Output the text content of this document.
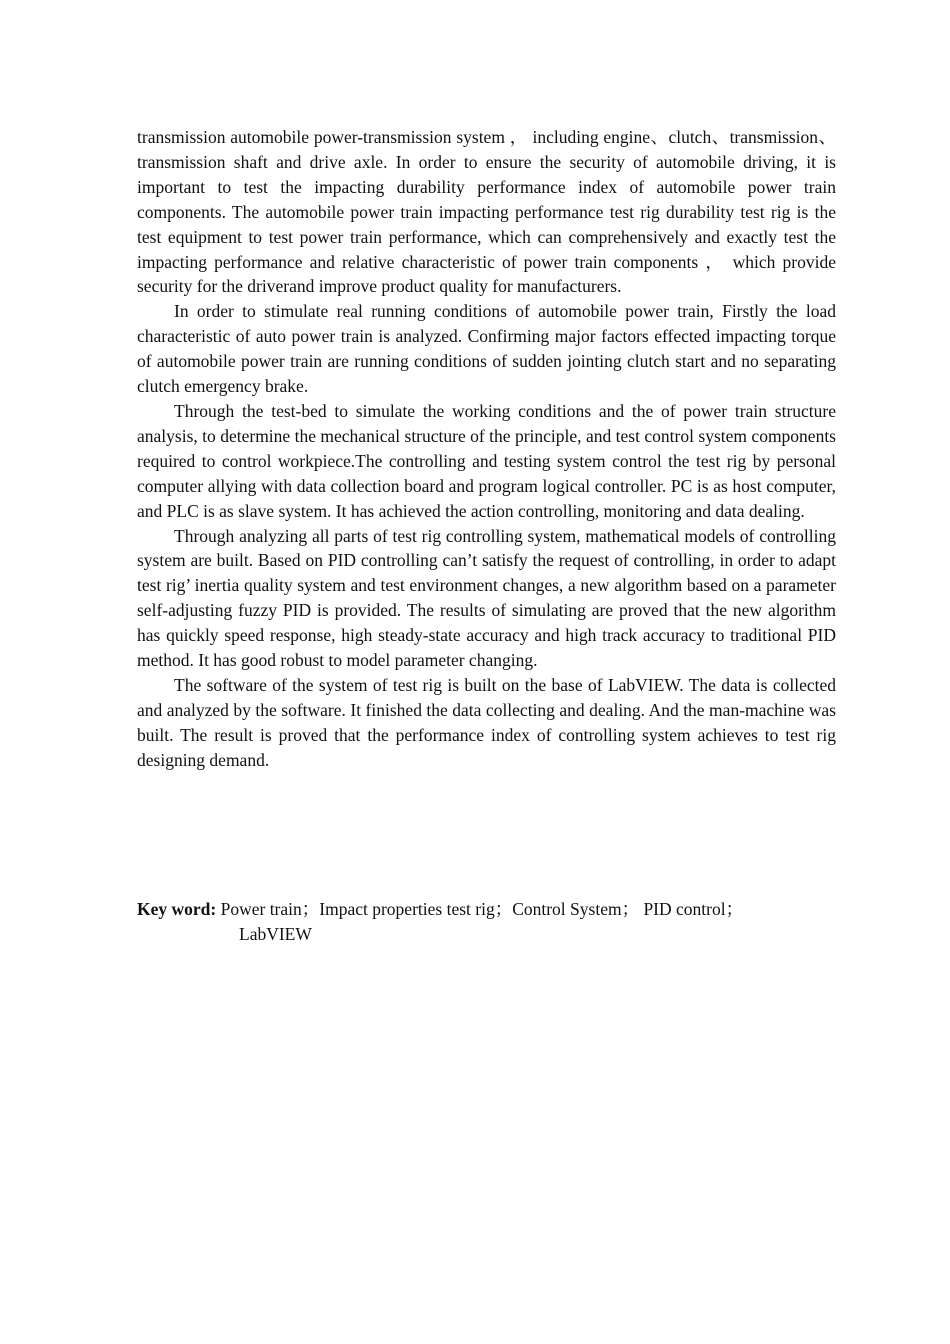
transmission automobile power-transmission system ， including engine、clutch、transmission、transmission shaft and drive axle. In order to ensure the security of automobile driving, it is important to test the impacting durability performance index of automobile power train components. The automobile power train impacting performance test rig durability test rig is the test equipment to test power train performance, which can comprehensively and exactly test the impacting performance and relative characteristic of power train components ， which provide security for the driverand improve product quality for manufacturers.

In order to stimulate real running conditions of automobile power train, Firstly the load characteristic of auto power train is analyzed. Confirming major factors effected impacting torque of automobile power train are running conditions of sudden jointing clutch start and no separating clutch emergency brake.

Through the test-bed to simulate the working conditions and the of power train structure analysis, to determine the mechanical structure of the principle, and test control system components required to control workpiece.The controlling and testing system control the test rig by personal computer allying with data collection board and program logical controller. PC is as host computer, and PLC is as slave system. It has achieved the action controlling, monitoring and data dealing.

Through analyzing all parts of test rig controlling system, mathematical models of controlling system are built. Based on PID controlling can’t satisfy the request of controlling, in order to adapt test rig’ inertia quality system and test environment changes, a new algorithm based on a parameter self-adjusting fuzzy PID is provided. The results of simulating are proved that the new algorithm has quickly speed response, high steady-state accuracy and high track accuracy to traditional PID method. It has good robust to model parameter changing.

The software of the system of test rig is built on the base of LabVIEW. The data is collected and analyzed by the software. It finished the data collecting and dealing. And the man-machine was built. The result is proved that the performance index of controlling system achieves to test rig designing demand.

Key word: Power train；Impact properties test rig；Control System； PID control；
LabVIEW
